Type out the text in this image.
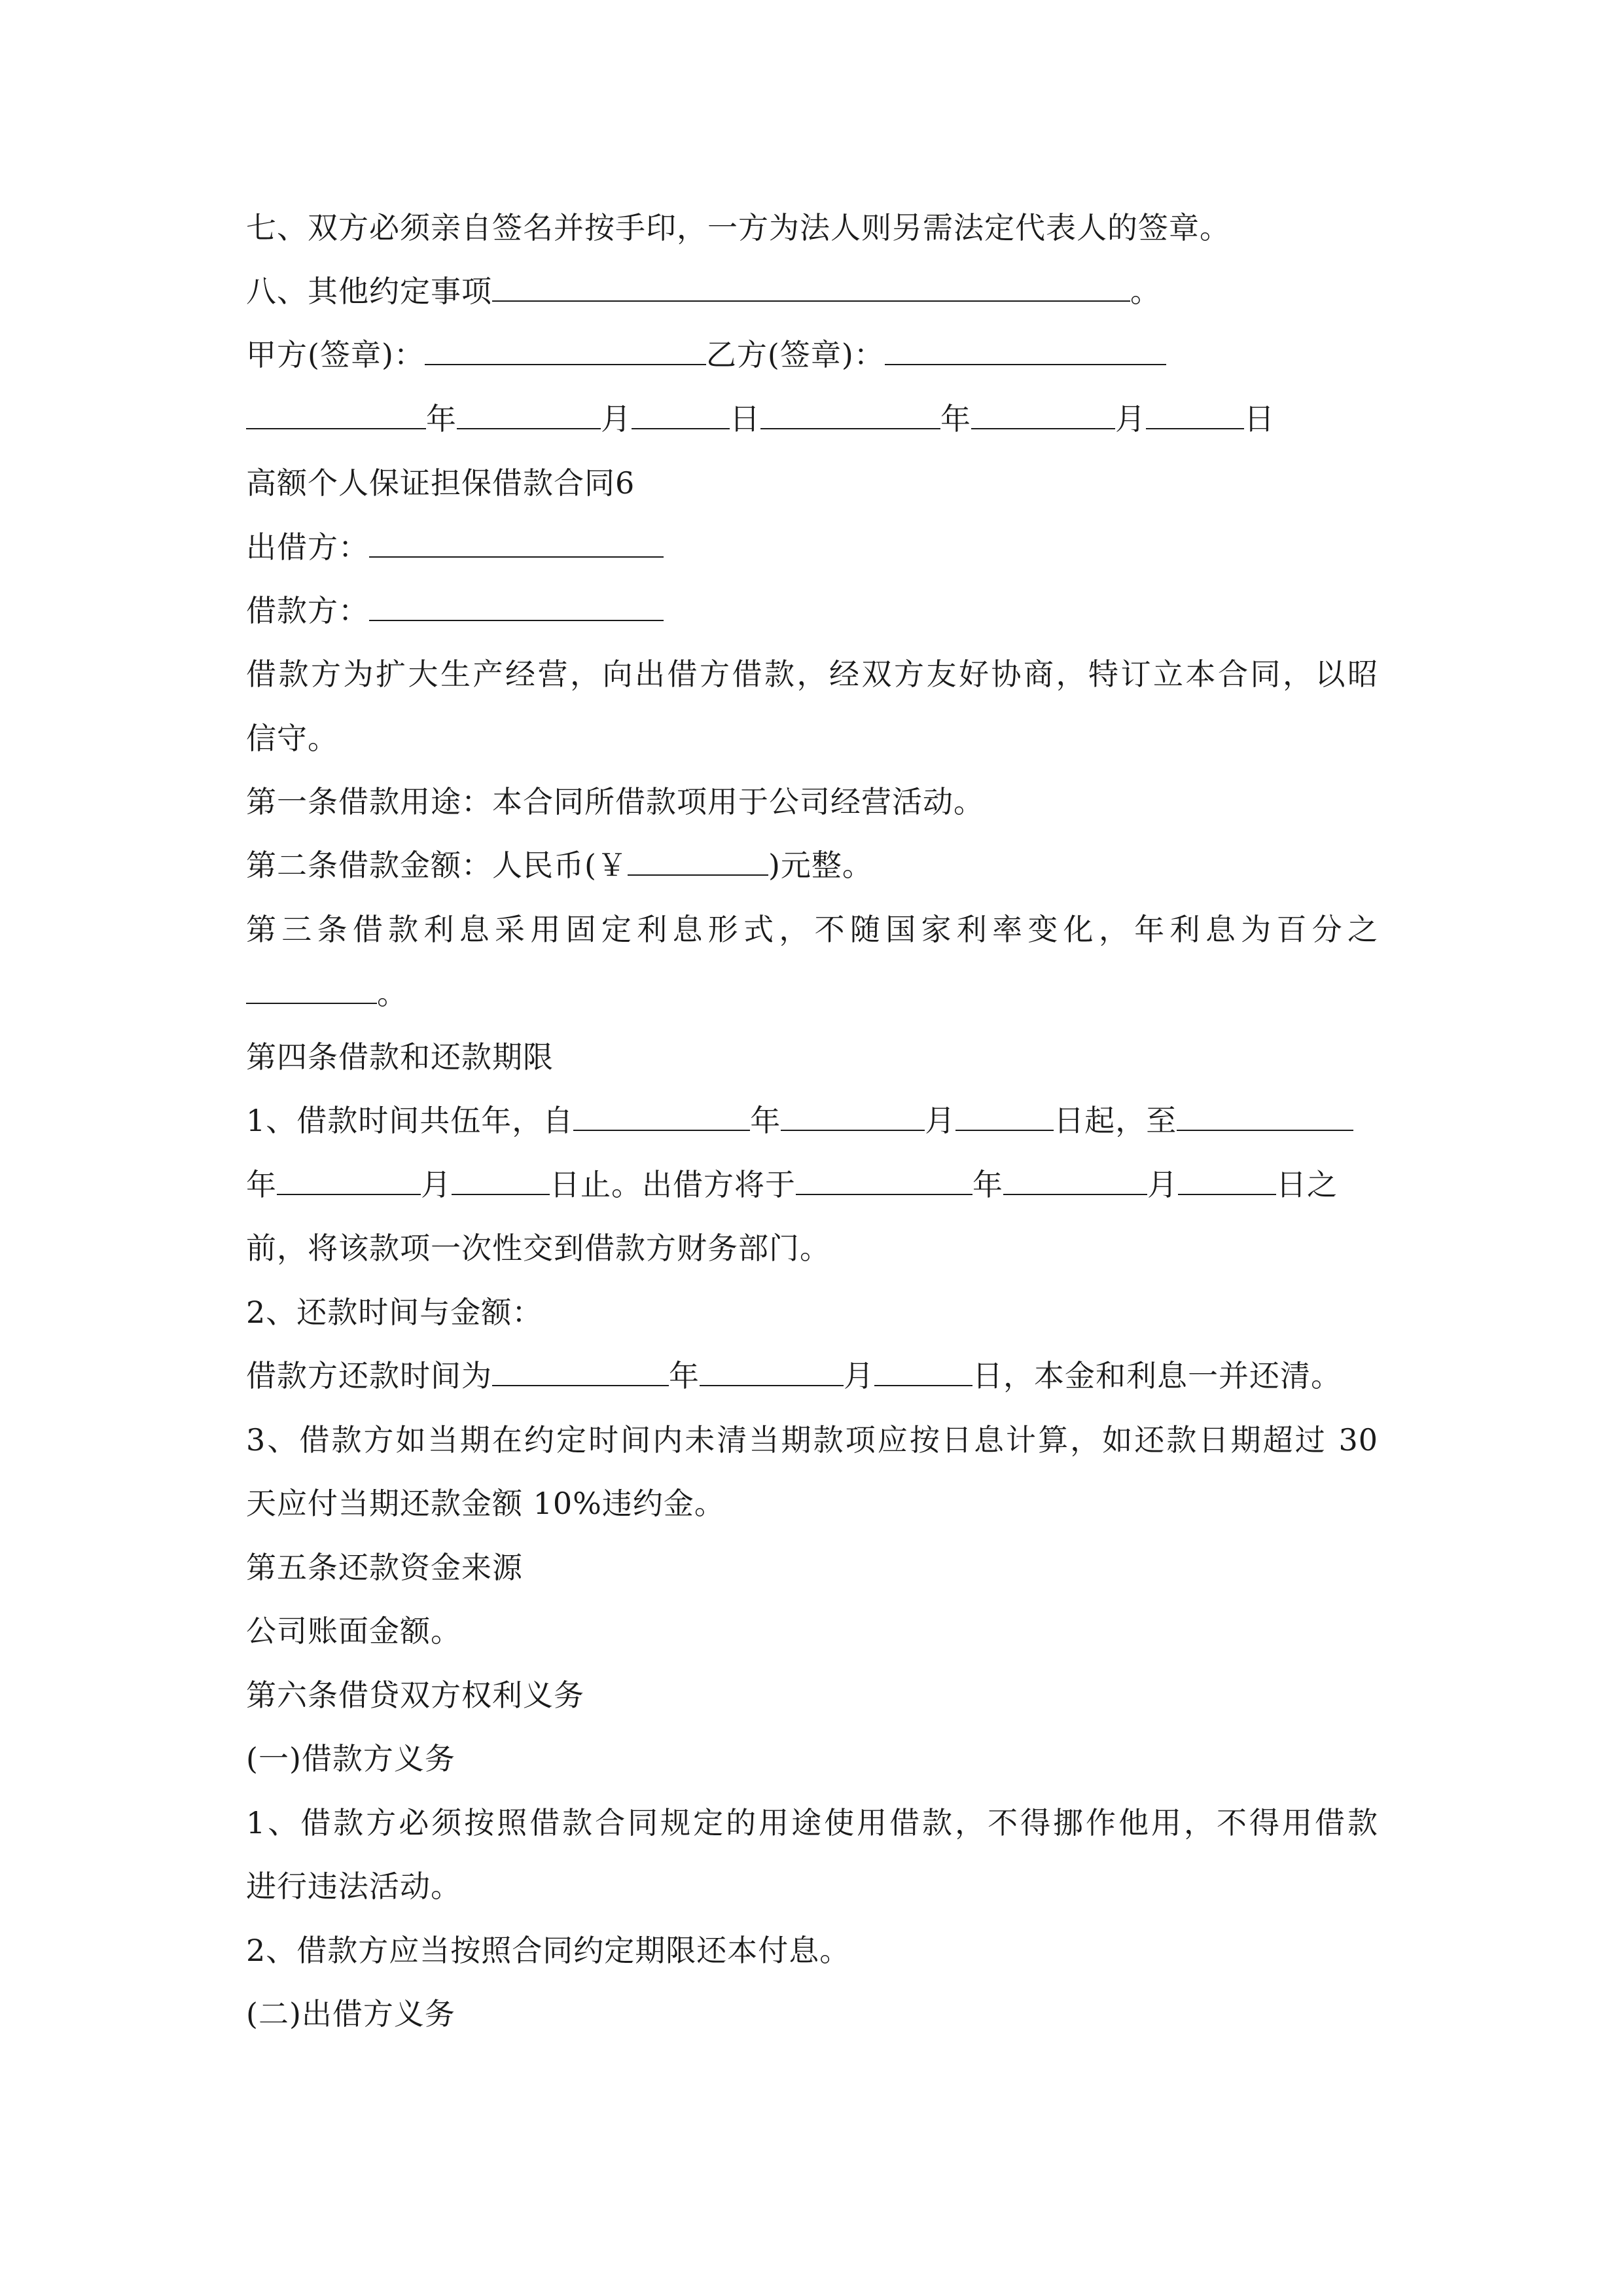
七、双方必须亲自签名并按手印，一方为法人则另需法定代表人的签章。
八、其他约定事项	。
甲方(签章)：	乙方(签章)：
年	月	日	年	月	日
高额个人保证担保借款合同6
出借方：
借款方：
借款方为扩大生产经营，向出借方借款，经双方友好协商，特订立本合同，以昭
信守。
第一条借款用途：本合同所借款项用于公司经营活动。
第二条借款金额：人民币(￥	)元整。
第三条借款利息采用固定利息形式，不随国家利率变化，年利息为百分之
。
第四条借款和还款期限
1、借款时间共伍年，自	年	月	日起，至
年	月	日止。出借方将于	年	月	日之
前，将该款项一次性交到借款方财务部门。
2、还款时间与金额：
借款方还款时间为	年	月	日，本金和利息一并还清。
3、借款方如当期在约定时间内未清当期款项应按日息计算，如还款日期超过 30
天应付当期还款金额 10%违约金。
第五条还款资金来源
公司账面金额。
第六条借贷双方权利义务
(一)借款方义务
1、借款方必须按照借款合同规定的用途使用借款，不得挪作他用，不得用借款
进行违法活动。
2、借款方应当按照合同约定期限还本付息。
(二)出借方义务
